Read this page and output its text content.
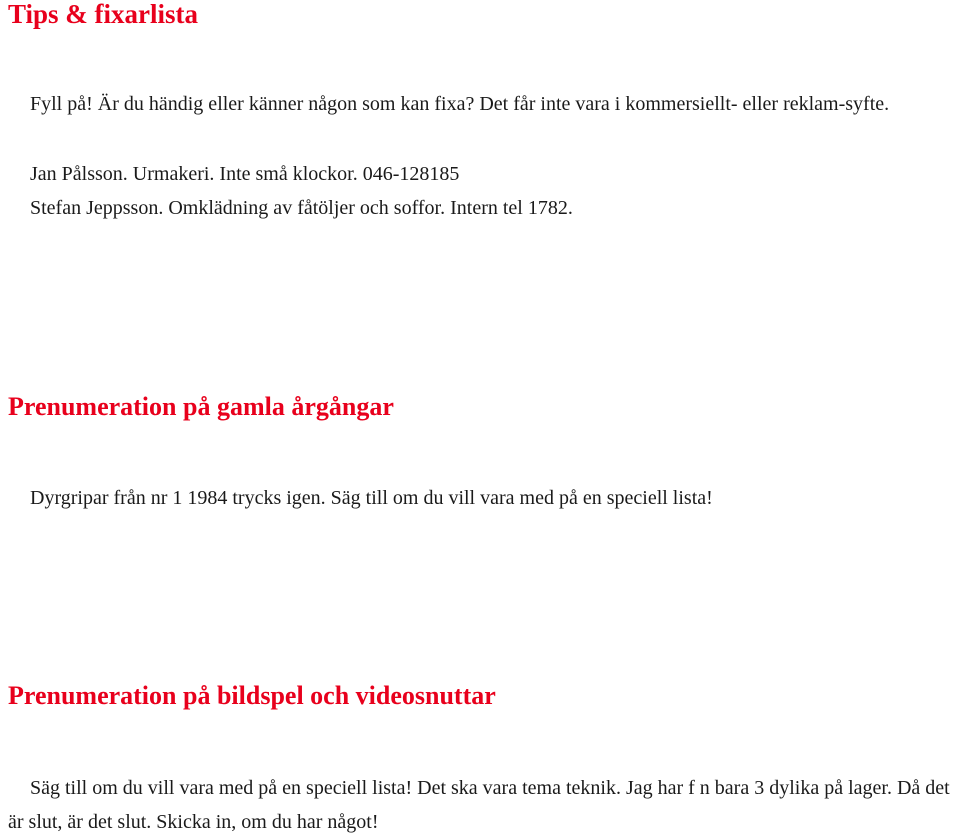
Tips & fixarlista

Fyll på! Är du händig eller känner någon som kan fixa? Det får inte vara i kommersiellt- eller reklam-syfte.

Jan Pålsson. Urmakeri. Inte små klockor. 046-128185

Stefan Jeppsson. Omklädning av fåtöljer och soffor. Intern tel 1782.

Prenumeration på gamla årgångar

Dyrgripar från nr 1 1984 trycks igen. Säg till om du vill vara med på en speciell lista!

Prenumeration på bildspel och videosnuttar

Säg till om du vill vara med på en speciell lista! Det ska vara tema teknik. Jag har f n bara 3 dylika på lager. Då det är slut, är det slut. Skicka in, om du har något!
